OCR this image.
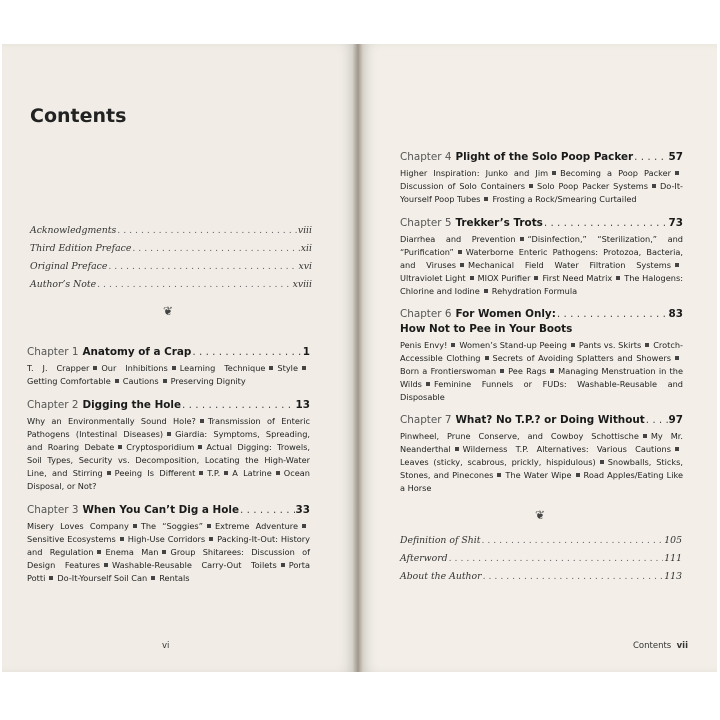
Contents
Acknowledgments . . .	viii
Third Edition Preface . . .	xii
Original Preface . . .	xvi
Author’s Note . . .	xviii
❦
Chapter 1 Anatomy of a Crap . . .	1
T. J. Crapper Our Inhibitions Learning Technique StyleGetting Comfortable Cautions Preserving Dignity
Chapter 2 Digging the Hole . . .	13
Why an Environmentally Sound Hole? Transmission of Enteric Pathogens (Intestinal Diseases) Giardia: Symptoms, Spreading, and Roaring Debate Cryptosporidium Actual Digging: Trowels, Soil Types, Security vs. Decomposition, Locating the High-Water Line, and Stirring Peeing Is Different T.P. A Latrine Ocean Disposal, or Not?
Chapter 3 When You Can’t Dig a Hole . . .	33
Misery Loves Company The “Soggies” Extreme AdventureSensitive Ecosystems High-Use Corridors Packing-It-Out: History and Regulation Enema Man Group Shitarees: Discussion of Design Features Washable-Reusable Carry-Out Toilets Porta Potti Do-It-Yourself Soil Can Rentals
vi
Chapter 4 Plight of the Solo Poop Packer . . .	57
Higher Inspiration: Junko and Jim Becoming a Poop PackerDiscussion of Solo Containers Solo Poop Packer Systems Do-It-Yourself Poop Tubes Frosting a Rock/Smearing Curtailed
Chapter 5 Trekker’s Trots . . .	73
Diarrhea and Prevention “Disinfection,” “Sterilization,” and “Purification” Waterborne Enteric Pathogens: Protozoa, Bacteria, and Viruses Mechanical Field Water Filtration SystemsUltraviolet Light MIOX Purifier First Need Matrix The Halogens: Chlorine and Iodine Rehydration Formula
Chapter 6 For Women Only: . . .	83
How Not to Pee in Your Boots
Penis Envy! Women’s Stand-up Peeing Pants vs. Skirts Crotch-Accessible Clothing Secrets of Avoiding Splatters and ShowersBorn a Frontierswoman Pee Rags Managing Menstruation in the Wilds Feminine Funnels or FUDs: Washable-Reusable and Disposable
Chapter 7 What? No T.P.? or Doing Without . . . 97
Pinwheel, Prune Conserve, and Cowboy Schottische My Mr. Neanderthal Wilderness T.P. Alternatives: Various CautionsLeaves (sticky, scabrous, prickly, hispidulous) Snowballs, Sticks, Stones, and Pinecones The Water Wipe Road Apples/Eating Like a Horse
❦
Definition of Shit . . .	105
Afterword . . .	111
About the Author . . .	113
Contents vii
